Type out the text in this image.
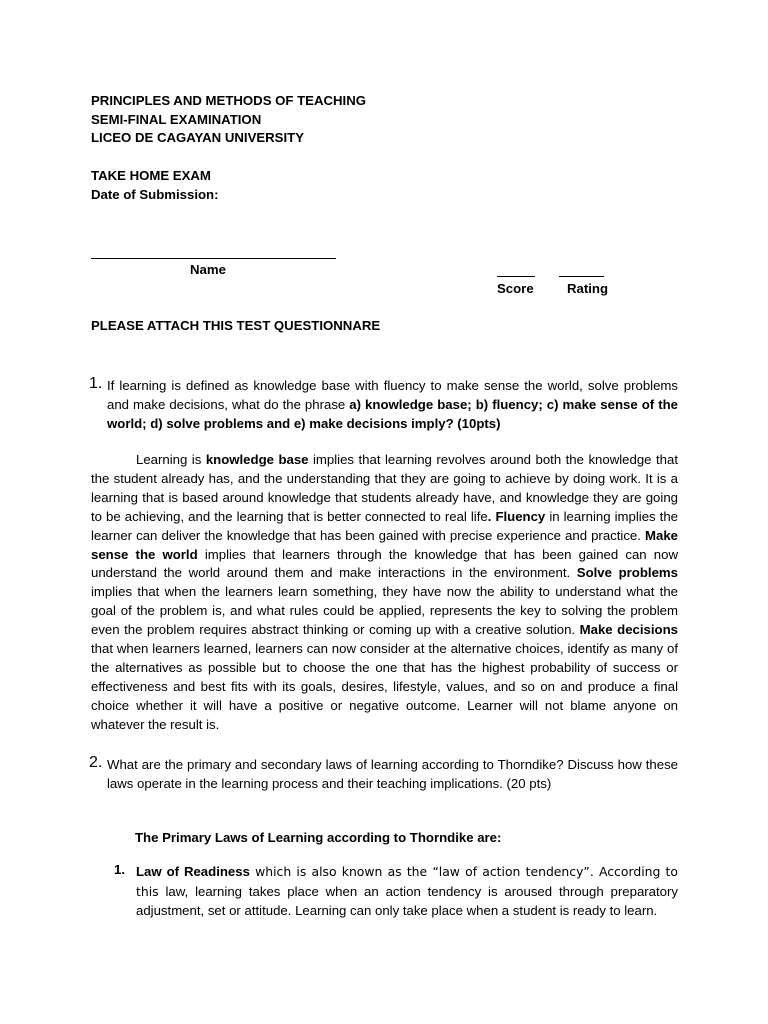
PRINCIPLES AND METHODS OF TEACHING
SEMI-FINAL EXAMINATION
LICEO DE CAGAYAN UNIVERSITY
TAKE HOME EXAM
Date of Submission:
Name
Score	Rating
PLEASE ATTACH THIS TEST QUESTIONNARE
1. If learning is defined as knowledge base with fluency to make sense the world, solve problems and make decisions, what do the phrase a) knowledge base; b) fluency; c) make sense of the world; d) solve problems and e) make decisions imply? (10pts)
Learning is knowledge base implies that learning revolves around both the knowledge that the student already has, and the understanding that they are going to achieve by doing work. It is a learning that is based around knowledge that students already have, and knowledge they are going to be achieving, and the learning that is better connected to real life. Fluency in learning implies the learner can deliver the knowledge that has been gained with precise experience and practice. Make sense the world implies that learners through the knowledge that has been gained can now understand the world around them and make interactions in the environment. Solve problems implies that when the learners learn something, they have now the ability to understand what the goal of the problem is, and what rules could be applied, represents the key to solving the problem even the problem requires abstract thinking or coming up with a creative solution. Make decisions that when learners learned, learners can now consider at the alternative choices, identify as many of the alternatives as possible but to choose the one that has the highest probability of success or effectiveness and best fits with its goals, desires, lifestyle, values, and so on and produce a final choice whether it will have a positive or negative outcome. Learner will not blame anyone on whatever the result is.
2. What are the primary and secondary laws of learning according to Thorndike? Discuss how these laws operate in the learning process and their teaching implications. (20 pts)
The Primary Laws of Learning according to Thorndike are:
1. Law of Readiness which is also known as the “law of action tendency”. According to this law, learning takes place when an action tendency is aroused through preparatory adjustment, set or attitude. Learning can only take place when a student is ready to learn.
